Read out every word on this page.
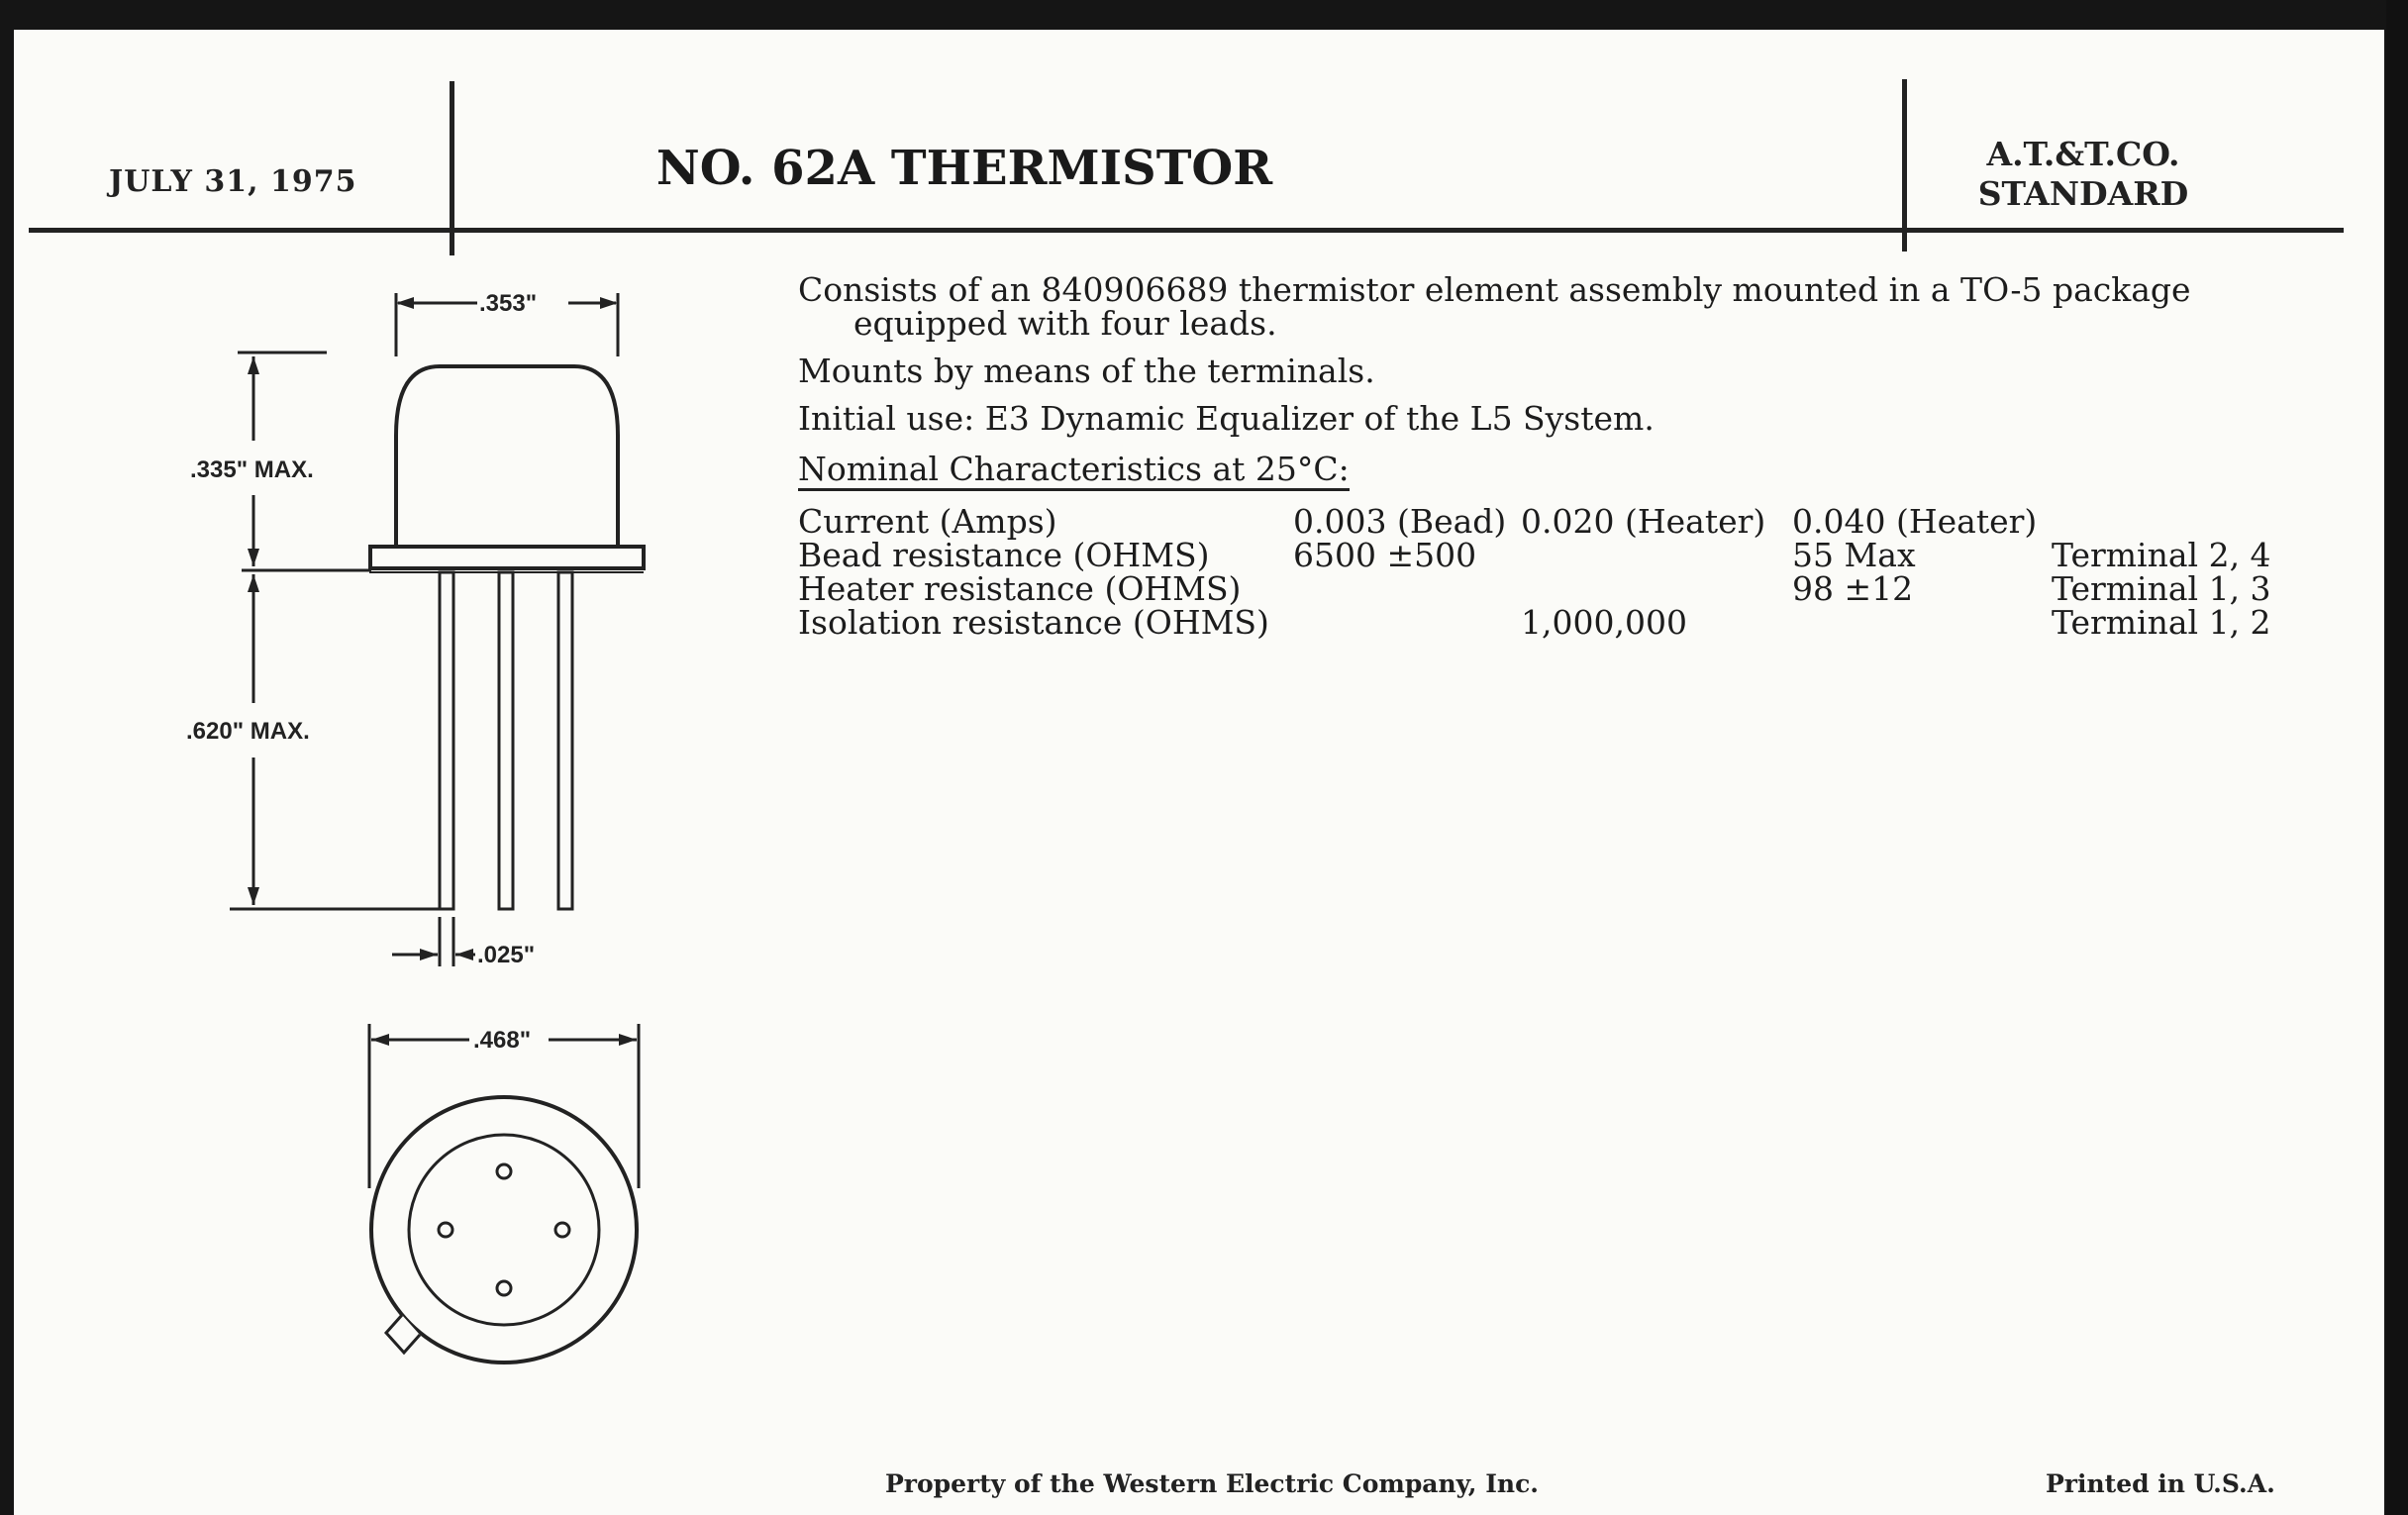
JULY 31, 1975	NO. 62A THERMISTOR	A.T.&T.CO.
STANDARD
.353"
.335" MAX.
.620" MAX.
.025"
.468"
Consists of an 840906689 thermistor element assembly mounted in a TO-5 package
equipped with four leads.
Mounts by means of the terminals.
Initial use: E3 Dynamic Equalizer of the L5 System.
Nominal Characteristics at 25°C:
Current (Amps)	0.003 (Bead)	0.020 (Heater)	0.040 (Heater)	
Bead resistance (OHMS)	6500 ±500		55 Max	Terminal 2, 4
Heater resistance (OHMS)			98 ±12	Terminal 1, 3
Isolation resistance (OHMS)		1,000,000		Terminal 1, 2
Property of the Western Electric Company, Inc.	Printed in U.S.A.
